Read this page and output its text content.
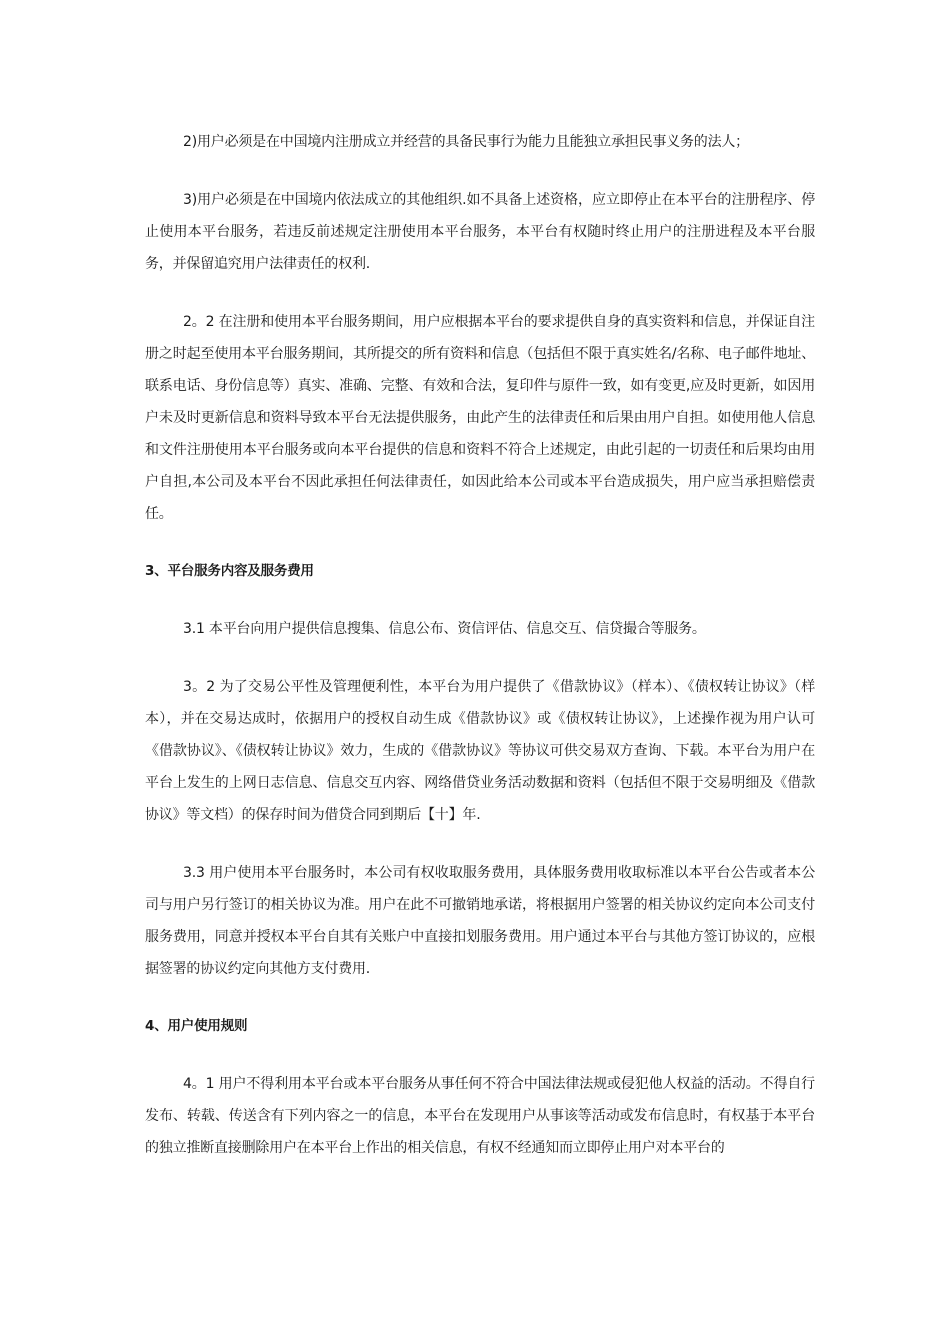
2)用户必须是在中国境内注册成立并经营的具备民事行为能力且能独立承担民事义务的法人；

3)用户必须是在中国境内依法成立的其他组织.如不具备上述资格，应立即停止在本平台的注册程序、停止使用本平台服务，若违反前述规定注册使用本平台服务，本平台有权随时终止用户的注册进程及本平台服务，并保留追究用户法律责任的权利.

2。2 在注册和使用本平台服务期间，用户应根据本平台的要求提供自身的真实资料和信息，并保证自注册之时起至使用本平台服务期间，其所提交的所有资料和信息（包括但不限于真实姓名/名称、电子邮件地址、联系电话、身份信息等）真实、准确、完整、有效和合法，复印件与原件一致，如有变更,应及时更新，如因用户未及时更新信息和资料导致本平台无法提供服务，由此产生的法律责任和后果由用户自担。如使用他人信息和文件注册使用本平台服务或向本平台提供的信息和资料不符合上述规定，由此引起的一切责任和后果均由用户自担,本公司及本平台不因此承担任何法律责任，如因此给本公司或本平台造成损失，用户应当承担赔偿责任。

3、平台服务内容及服务费用

3.1 本平台向用户提供信息搜集、信息公布、资信评估、信息交互、信贷撮合等服务。

3。2 为了交易公平性及管理便利性，本平台为用户提供了《借款协议》（样本）、《债权转让协议》（样本），并在交易达成时，依据用户的授权自动生成《借款协议》或《债权转让协议》，上述操作视为用户认可《借款协议》、《债权转让协议》效力，生成的《借款协议》等协议可供交易双方查询、下载。本平台为用户在平台上发生的上网日志信息、信息交互内容、网络借贷业务活动数据和资料（包括但不限于交易明细及《借款协议》等文档）的保存时间为借贷合同到期后【十】年.

3.3 用户使用本平台服务时，本公司有权收取服务费用，具体服务费用收取标准以本平台公告或者本公司与用户另行签订的相关协议为准。用户在此不可撤销地承诺，将根据用户签署的相关协议约定向本公司支付服务费用，同意并授权本平台自其有关账户中直接扣划服务费用。用户通过本平台与其他方签订协议的，应根据签署的协议约定向其他方支付费用.

4、用户使用规则

4。1 用户不得利用本平台或本平台服务从事任何不符合中国法律法规或侵犯他人权益的活动。不得自行发布、转载、传送含有下列内容之一的信息，本平台在发现用户从事该等活动或发布信息时，有权基于本平台的独立推断直接删除用户在本平台上作出的相关信息，有权不经通知而立即停止用户对本平台的
